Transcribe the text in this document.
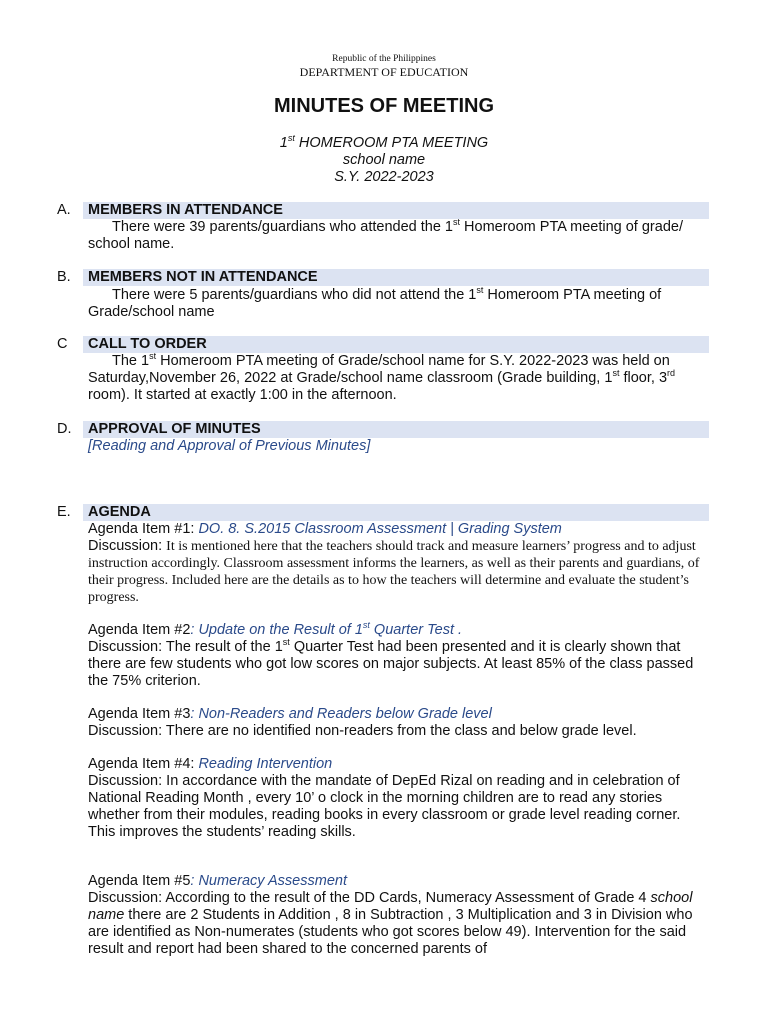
Republic of the Philippines
DEPARTMENT OF EDUCATION
MINUTES OF MEETING
1st HOMEROOM PTA MEETING
school name
S.Y. 2022-2023
A.	MEMBERS IN ATTENDANCE
There were 39 parents/guardians who attended the 1st Homeroom PTA meeting of grade/ school name.
B.	MEMBERS NOT IN ATTENDANCE
There were 5 parents/guardians who did not attend the 1st Homeroom PTA meeting of Grade/school name
C	CALL TO ORDER
The 1st Homeroom PTA meeting of Grade/school name for S.Y. 2022-2023 was held on Saturday,November 26, 2022 at Grade/school name classroom (Grade building, 1st floor, 3rd room). It started at exactly 1:00 in the afternoon.
D.	APPROVAL OF MINUTES
[Reading and Approval of Previous Minutes]
E.	AGENDA
Agenda Item #1: DO. 8. S.2015 Classroom Assessment | Grading System
Discussion: It is mentioned here that the teachers should track and measure learners’ progress and to adjust instruction accordingly. Classroom assessment informs the learners, as well as their parents and guardians, of their progress. Included here are the details as to how the teachers will determine and evaluate the student’s progress.
Agenda Item #2: Update on the Result of 1st Quarter Test .
Discussion: The result of the 1st Quarter Test had been presented and it is clearly shown that there are few students who got low scores on major subjects. At least 85% of the class passed the 75% criterion.
Agenda Item #3: Non-Readers and Readers below Grade level
Discussion: There are no identified non-readers from the class and below grade level.
Agenda Item #4: Reading Intervention
Discussion: In accordance with the mandate of DepEd Rizal on reading and in celebration of National Reading Month , every 10’ o clock in the morning children are to read any stories whether from their modules, reading books in every classroom or grade level reading corner. This improves the students’ reading skills.
Agenda Item #5: Numeracy Assessment
Discussion: According to the result of the DD Cards, Numeracy Assessment of Grade 4 school name there are 2 Students in Addition , 8 in Subtraction , 3 Multiplication and 3 in Division who are identified as Non-numerates (students who got scores below 49). Intervention for the said result and report had been shared to the concerned parents of
